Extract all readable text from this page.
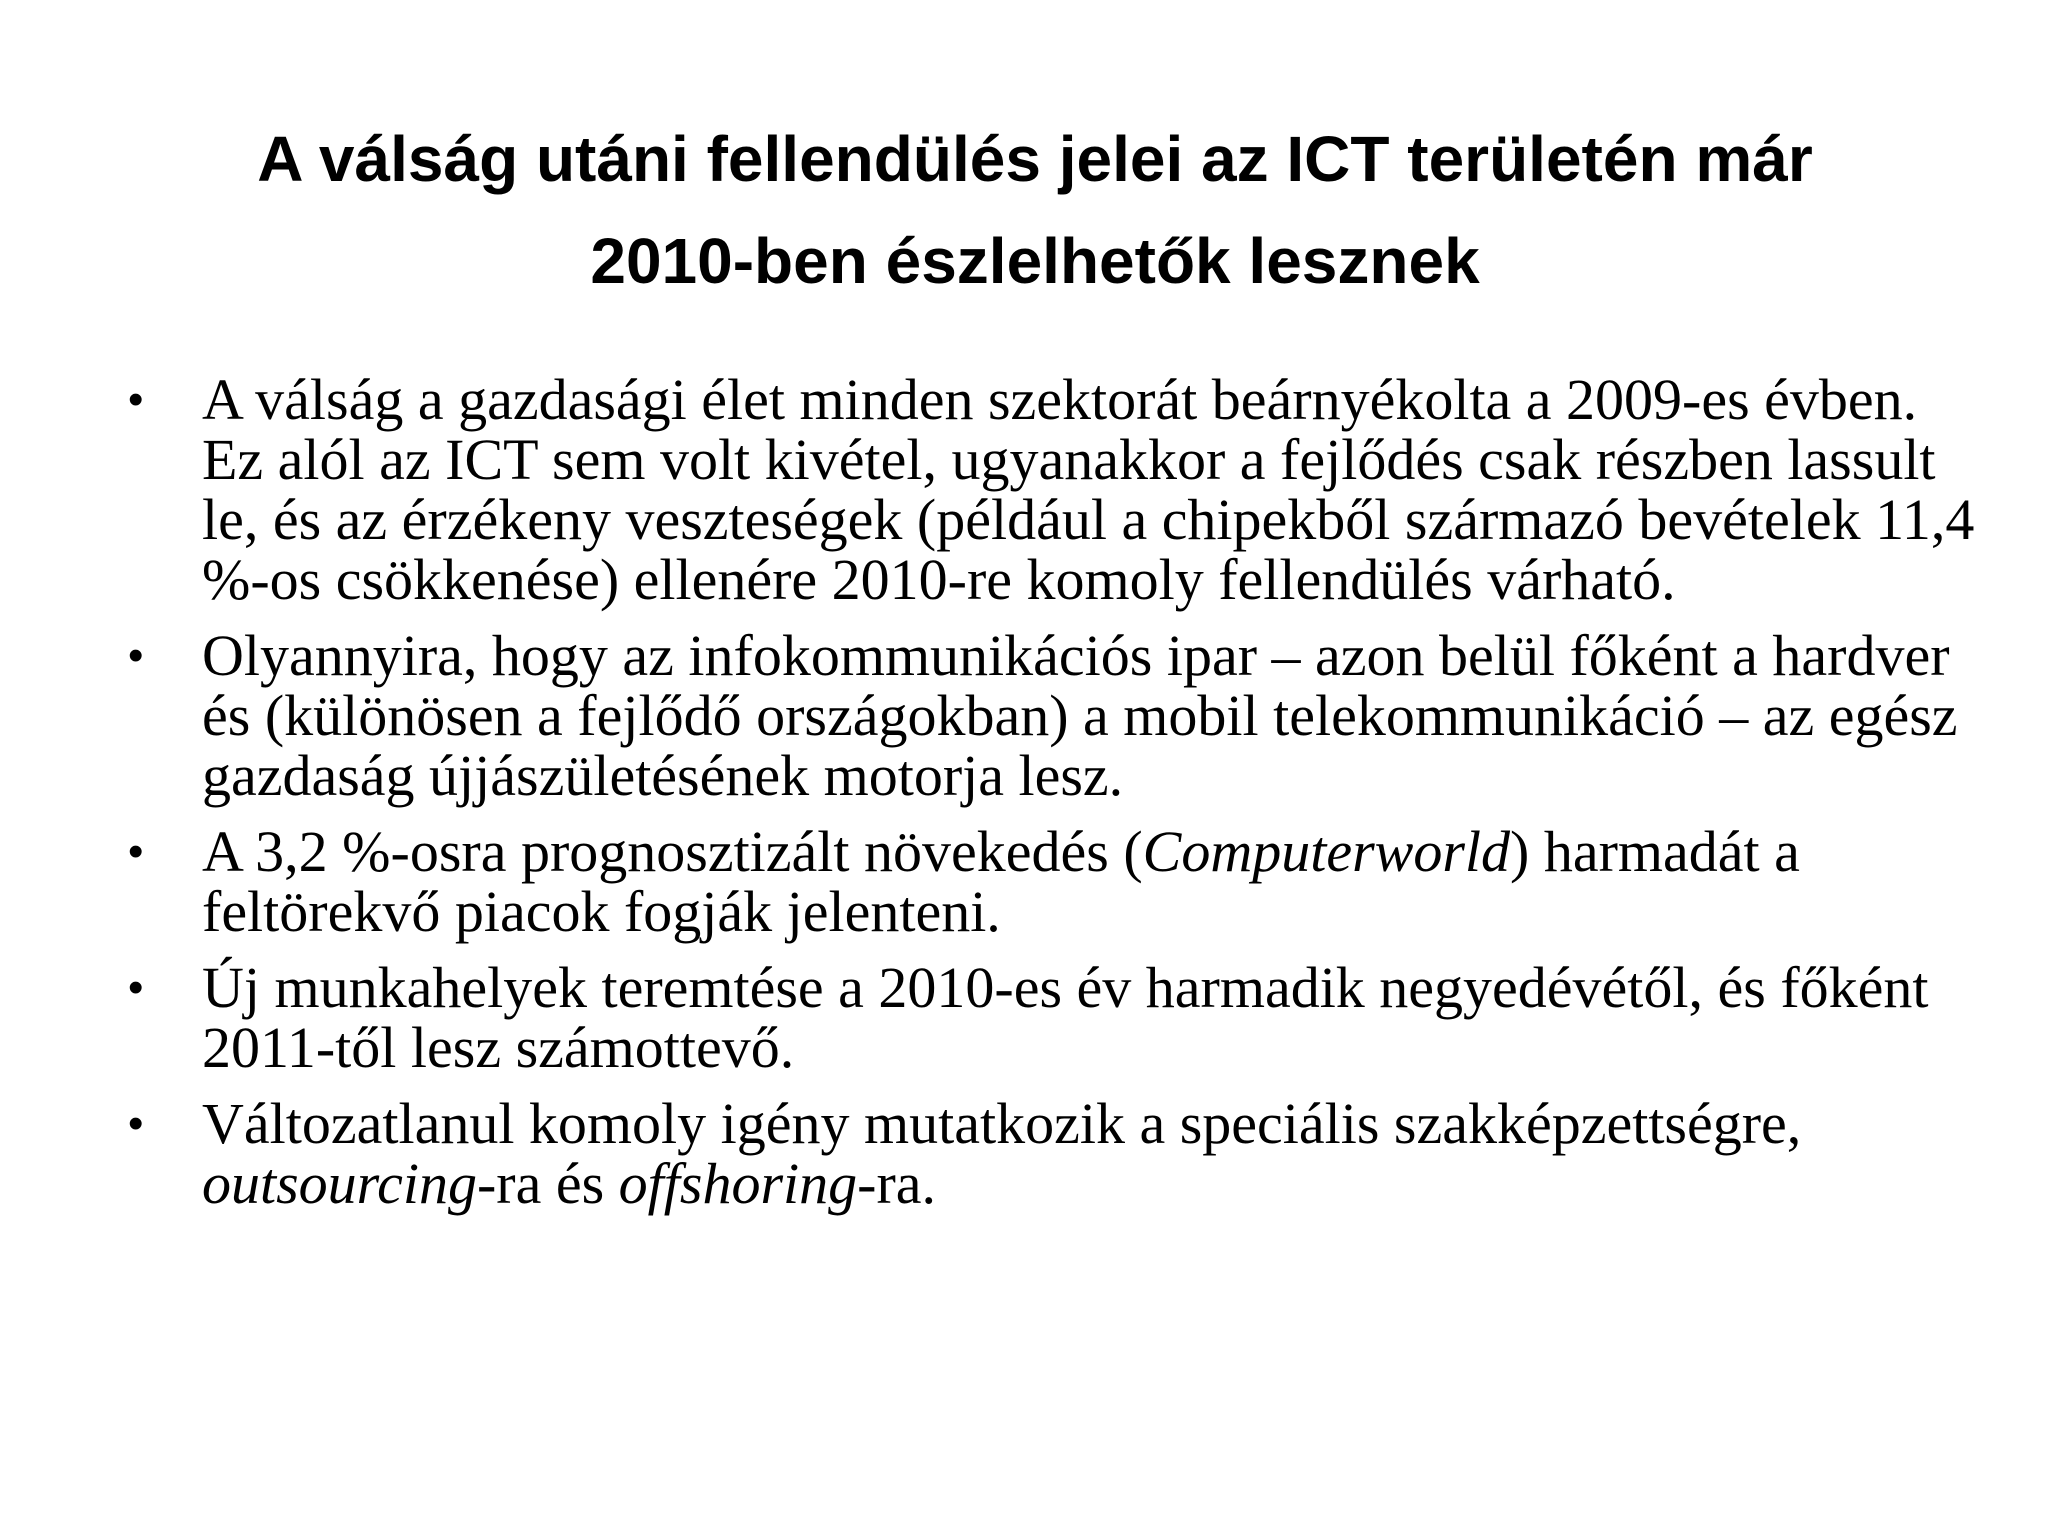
A válság utáni fellendülés jelei az ICT területén már
2010-ben észlelhetők lesznek
• A válság a gazdasági élet minden szektorát beárnyékolta a 2009-es évben. Ez alól az ICT sem volt kivétel, ugyanakkor a fejlődés csak részben lassult le, és az érzékeny veszteségek (például a chipekből származó bevételek 11,4 %-os csökkenése) ellenére 2010-re komoly fellendülés várható.
• Olyannyira, hogy az infokommunikációs ipar – azon belül főként a hardver és (különösen a fejlődő országokban) a mobil telekommunikáció – az egész gazdaság újjászületésének motorja lesz.
• A 3,2 %-osra prognosztizált növekedés (Computerworld) harmadát a feltörekvő piacok fogják jelenteni.
• Új munkahelyek teremtése a 2010-es év harmadik negyedévétől, és főként 2011-től lesz számottevő.
• Változatlanul komoly igény mutatkozik a speciális szakképzettségre, outsourcing-ra és offshoring-ra.
